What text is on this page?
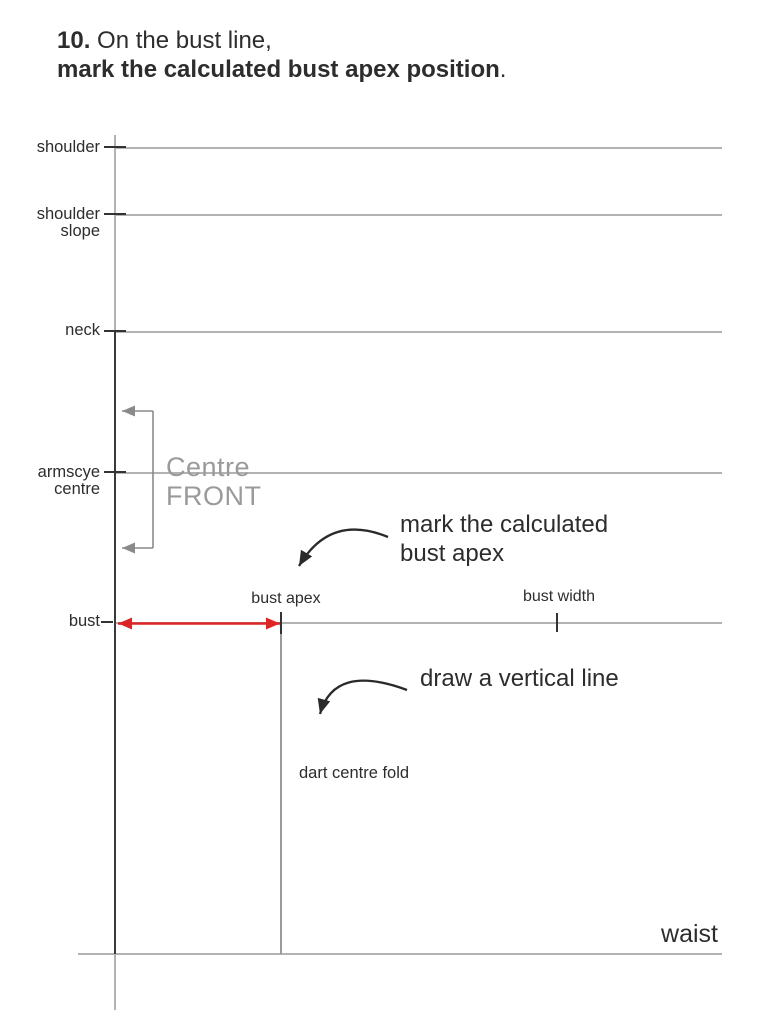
10. On the bust line,
mark the calculated bust apex position.
shoulder
shoulder
slope
neck
armscye
centre
bust
Centre
FRONT
bust apex	bust width
dart centre fold
waist
mark the calculated
bust apex
draw a vertical line
